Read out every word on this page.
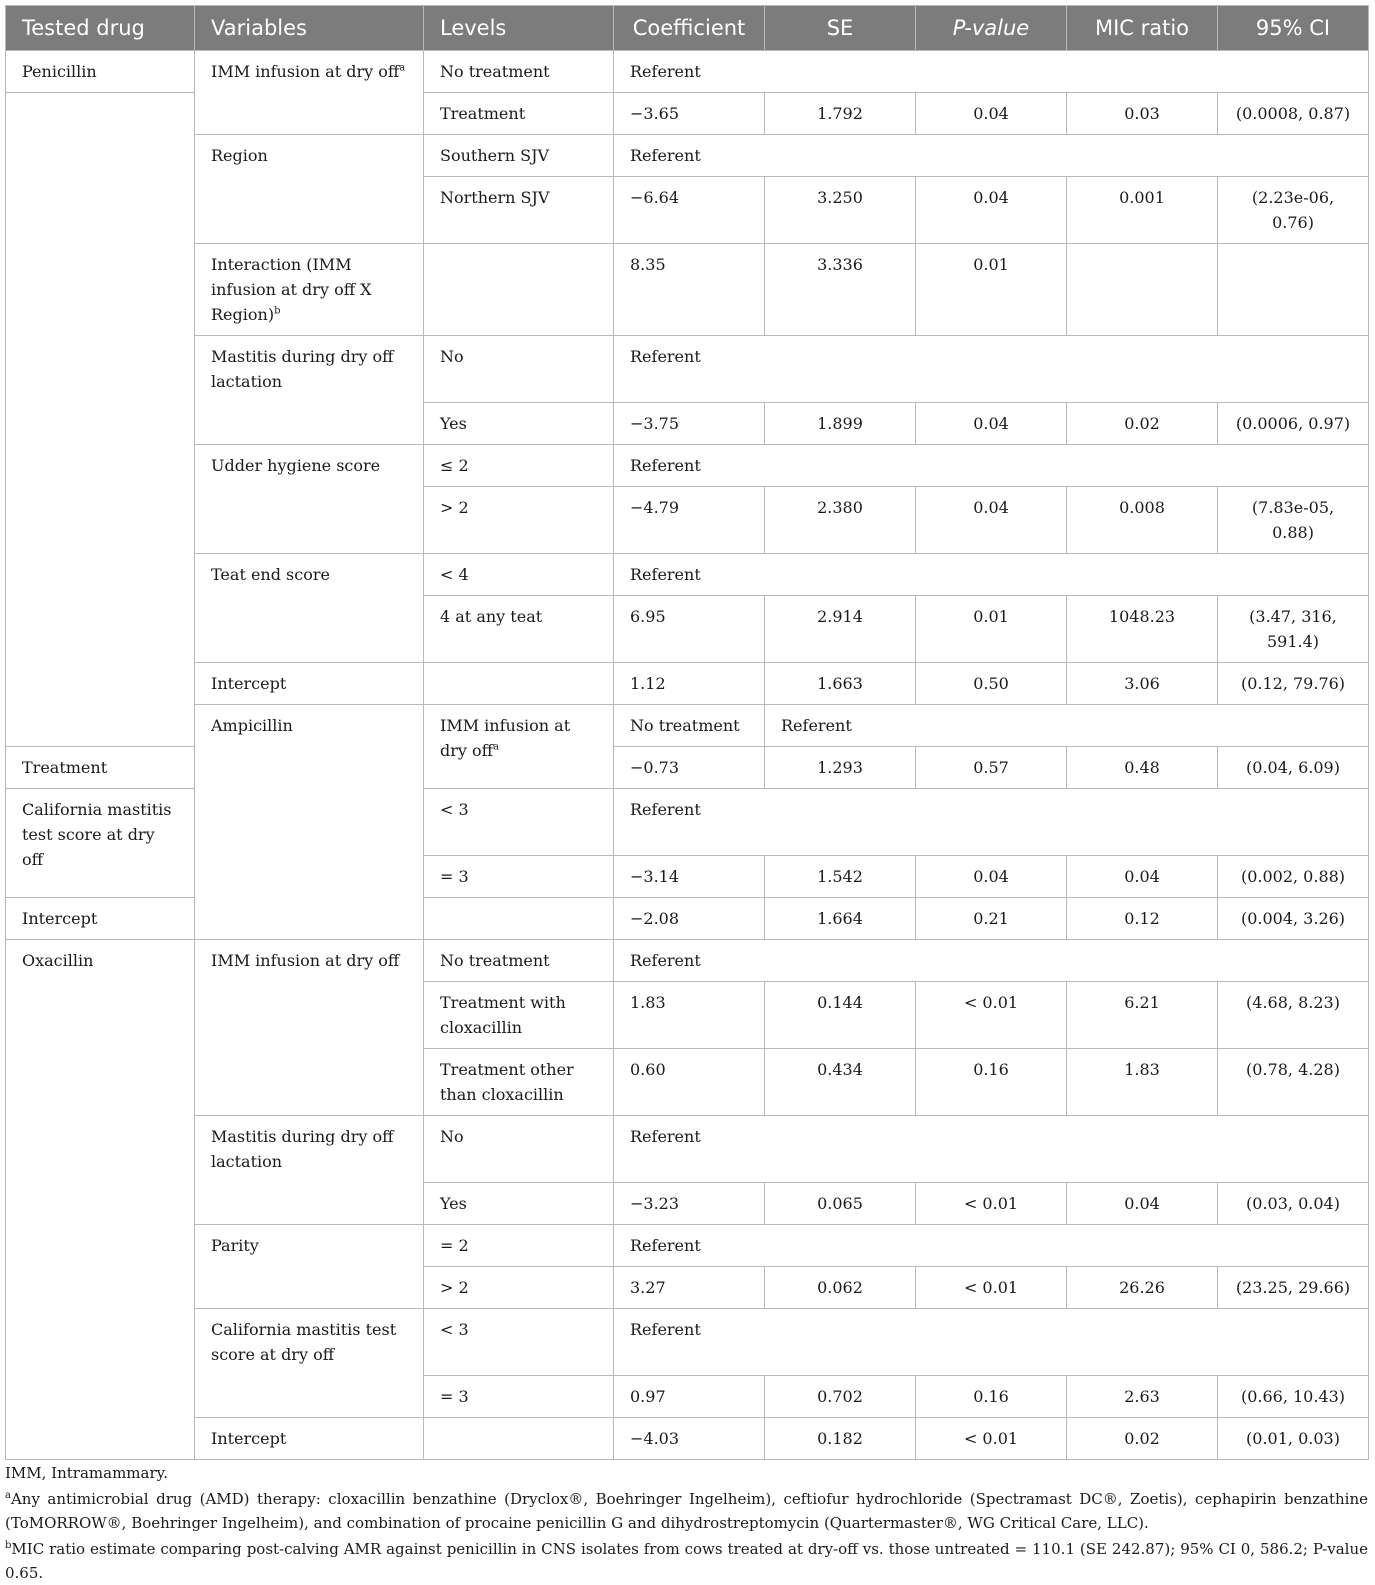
Tested drug	Variables	Levels	Coefficient	SE	P-value	MIC ratio	95% CI
Penicillin	IMM infusion at dry off$^a$	No treatment	Referent				
		Treatment	−3.65	1.792	0.04	0.03	(0.0008, 0.87)
	Region	Southern SJV	Referent				
		Northern SJV	−6.64	3.250	0.04	0.001	(2.23e-06, 0.76)
	Interaction (IMM infusion at dry off X Region)$^b$		8.35	3.336	0.01		
	Mastitis during dry off lactation	No	Referent				
		Yes	−3.75	1.899	0.04	0.02	(0.0006, 0.97)
	Udder hygiene score	≤ 2	Referent				
		> 2	−4.79	2.380	0.04	0.008	(7.83e-05, 0.88)
	Teat end score	< 4	Referent				
		4 at any teat	6.95	2.914	0.01	1048.23	(3.47, 316, 591.4)
	Intercept		1.12	1.663	0.50	3.06	(0.12, 79.76)
	Ampicillin	IMM infusion at dry off$^a$	No treatment	Referent			
Treatment			−0.73	1.293	0.57	0.48	(0.04, 6.09)
California mastitis test score at dry off		< 3	Referent				
		= 3	−3.14	1.542	0.04	0.04	(0.002, 0.88)
Intercept			−2.08	1.664	0.21	0.12	(0.004, 3.26)
Oxacillin	IMM infusion at dry off	No treatment	Referent				
		Treatment with cloxacillin	1.83	0.144	< 0.01	6.21	(4.68, 8.23)
		Treatment other than cloxacillin	0.60	0.434	0.16	1.83	(0.78, 4.28)
	Mastitis during dry off lactation	No	Referent				
		Yes	−3.23	0.065	< 0.01	0.04	(0.03, 0.04)
	Parity	= 2	Referent				
		> 2	3.27	0.062	< 0.01	26.26	(23.25, 29.66)
	California mastitis test score at dry off	< 3	Referent				
		= 3	0.97	0.702	0.16	2.63	(0.66, 10.43)
	Intercept		−4.03	0.182	< 0.01	0.02	(0.01, 0.03)
IMM, Intramammary.
$^a$Any antimicrobial drug (AMD) therapy: cloxacillin benzathine (Dryclox®, Boehringer Ingelheim), ceftiofur hydrochloride (Spectramast DC®, Zoetis), cephapirin benzathine (ToMORROW®, Boehringer Ingelheim), and combination of procaine penicillin G and dihydrostreptomycin (Quartermaster®, WG Critical Care, LLC).
$^b$MIC ratio estimate comparing post-calving AMR against penicillin in CNS isolates from cows treated at dry-off vs. those untreated = 110.1 (SE 242.87); 95% CI 0, 586.2; P-value 0.65.
